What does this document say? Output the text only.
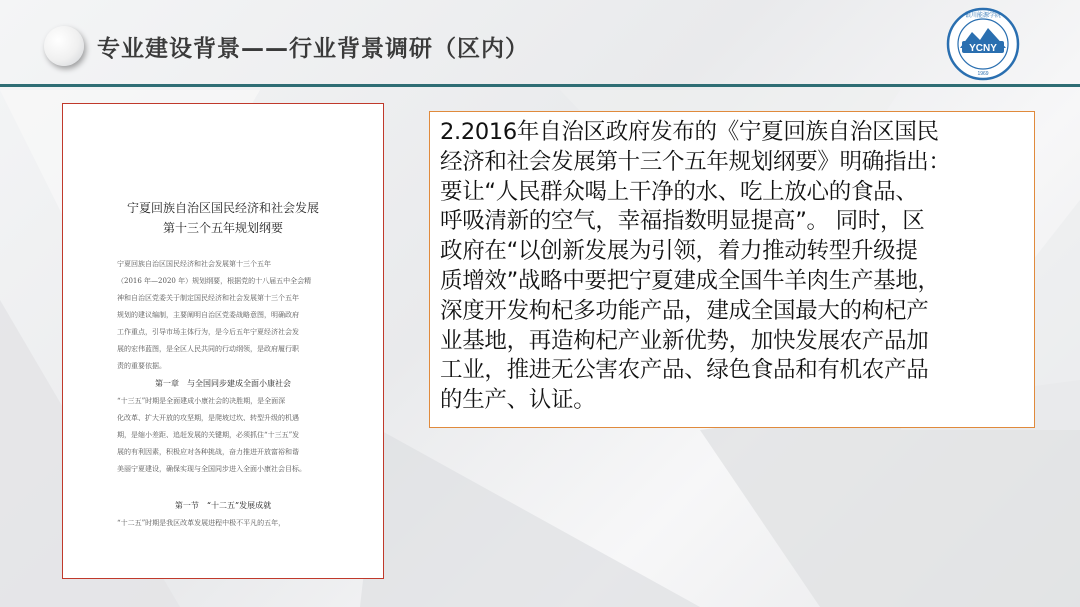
专业建设背景——行业背景调研（区内）	YCNY
1969
银川能源学院
宁夏回族自治区国民经济和社会发展
第十三个五年规划纲要
宁夏回族自治区国民经济和社会发展第十三个五年
（2016 年—2020 年）规划纲要，根据党的十八届五中全会精
神和自治区党委关于制定国民经济和社会发展第十三个五年
规划的建议编制，主要阐明自治区党委战略意图，明确政府
工作重点，引导市场主体行为，是今后五年宁夏经济社会发
展的宏伟蓝图，是全区人民共同的行动纲领，是政府履行职
责的重要依据。
第一章　与全国同步建成全面小康社会
“十三五”时期是全面建成小康社会的决胜期，是全面深
化改革、扩大开放的攻坚期，是爬坡过坎、转型升级的机遇
期，是缩小差距、追赶发展的关键期，必须抓住“十三五”发
展的有利因素，积极应对各种挑战，奋力推进开放富裕和谐
美丽宁夏建设，确保实现与全国同步进入全面小康社会目标。
第一节　“十二五”发展成就
“十二五”时期是我区改革发展进程中极不平凡的五年，
2.2016年自治区政府发布的《宁夏回族自治区国民
经济和社会发展第十三个五年规划纲要》明确指出：
要让“人民群众喝上干净的水、吃上放心的食品、
呼吸清新的空气，幸福指数明显提高”。 同时，区
政府在“以创新发展为引领，着力推动转型升级提
质增效”战略中要把宁夏建成全国牛羊肉生产基地，
深度开发枸杞多功能产品，建成全国最大的枸杞产
业基地，再造枸杞产业新优势，加快发展农产品加
工业，推进无公害农产品、绿色食品和有机农产品
的生产、认证。
